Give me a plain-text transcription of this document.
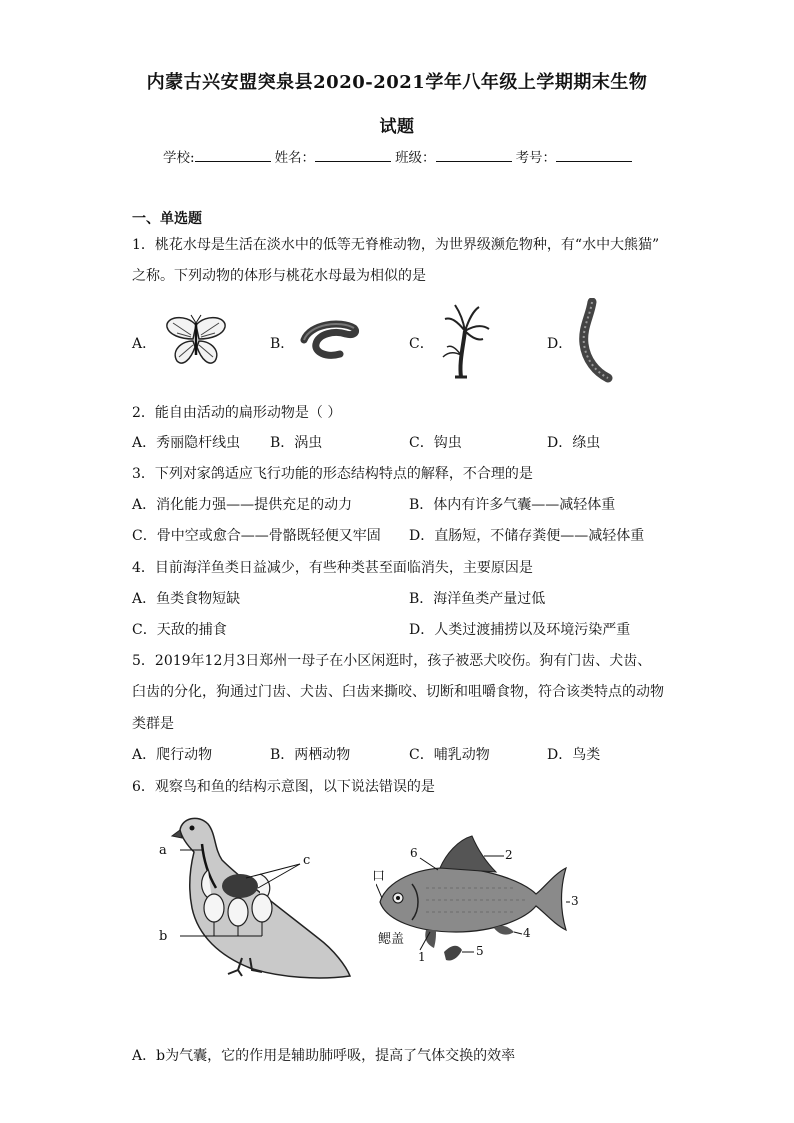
内蒙古兴安盟突泉县2020-2021学年八年级上学期期末生物
试题
学校:	姓名：	班级：	考号：
一、单选题
1．桃花水母是生活在淡水中的低等无脊椎动物，为世界级濒危物种，有“水中大熊猫”
之称。下列动物的体形与桃花水母最为相似的是
A．	B．	C．	D．
2．能自由活动的扁形动物是（ ）
A．秀丽隐杆线虫 B．涡虫	C．钩虫	D．绦虫
3．下列对家鸽适应飞行功能的形态结构特点的解释，不合理的是
A．消化能力强——提供充足的动力	B．体内有许多气囊——减轻体重
C．骨中空或愈合——骨骼既轻便又牢固 D．直肠短，不储存粪便——减轻体重
4．目前海洋鱼类日益减少，有些种类甚至面临消失，主要原因是
A．鱼类食物短缺	B．海洋鱼类产量过低
C．天敌的捕食	D．人类过渡捕捞以及环境污染严重
5．2019年12月3日郑州一母子在小区闲逛时，孩子被恶犬咬伤。狗有门齿、犬齿、
臼齿的分化，狗通过门齿、犬齿、臼齿来撕咬、切断和咀嚼食物，符合该类特点的动物
类群是
A．爬行动物	B．两栖动物	C．哺乳动物	D．鸟类
6．观察鸟和鱼的结构示意图，以下说法错误的是
a
c
b
口
6	2
3
4
5
鳃盖
1
A．b为气囊，它的作用是辅助肺呼吸，提高了气体交换的效率
